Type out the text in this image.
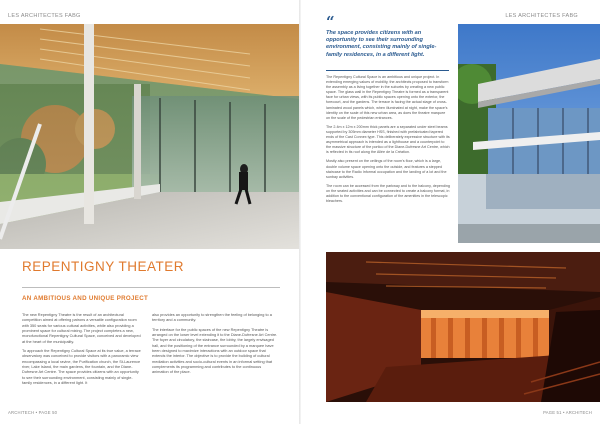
LES ARCHITECTES FABG	LES ARCHITECTES FABG
REPENTIGNY THEATER
AN AMBITIOUS AND UNIQUE PROJECT

The new Repentigny Theatre is the result of an architectural competition aimed at offering patrons a versatile configuration room with 350 seats for various cultural activities, while also providing a prominent space for cultural mixing. The project completes a new, monofunctional Repentigny Cultural Space, conceived and developed at the heart of the municipality.

To approach the Repentigny Cultural Space at its true value, a terrace observatory was conceived to provide visitors with a panoramic view encompassing a local ravine, the Purification church, the St-Laurence river, Lake Island, the main gardens, the fountain, and the Diane-Dufresne Art Centre. The space provides citizens with an opportunity to see their surrounding environment, consisting mainly of single-family residences, in a different light. It

also provides an opportunity to strengthen the feeling of belonging to a territory and a community.

The interface for the public spaces of the new Repentigny Theatre is arranged on the lower level extending it to the Diane-Dufresne Art Centre. The foyer and circulatory, the staircase, the lobby, the largely envisaged hall, and the positioning of the entrance surrounded by a marquee have been designed to maximize interactions with an outdoor space that extends the interior. The objective is to provide the building of cultural mediation activities and socio-cultural events in an informal setting that complements its programming and contributes to the continuous animation of the place.

“

The space provides citizens with an opportunity to see their surrounding environment, consisting mainly of single-family residences, in a different light.

The Repentigny Cultural Space is an ambitious and unique project. In extending emerging values of mobility, the architects proposed to transform the assembly as a living together in the suburbs by creating a new public space. The glass wall in the Repentigny Theatre is formed as a transparent face for urban views, with its public spaces opening onto the exterior, the forecourt, and the gardens. The terrace is facing the actual stage of cross-laminated wood panels which, when illuminated at night, make the space's identity on the scale of this new urban area, as does the theatre marquee on the scale of the pedestrian entrances.

The 2.4m x 12m x 200mm thick panels are a separated under steel beams supported by 305mm diameter HSS, finished with prefabricated tapered ends of the Cast Connex type. This deliberately expressive structure with its asymmetrical approach is intended as a lighthouse and a counterpoint to the massive structure of the portico of the Diane-Dufresne Art Centre, which is reflected in its roof along the Allée de la Création.

Mostly also present on the ceilings of the room's floor, which is a large, double volume space opening onto the outside, and features a stepped staircase to the Radio Informal occupation and the landing of a lot and the sunbay activities.

The room can be accessed from the parkway and to the balcony, depending on the seated activities and can be connected to create a balcony format, in addition to the conventional configuration of the amenities in the telescopic bleachers.

ARCHITECH • PAGE 50	PAGE 51 • ARCHITECH
